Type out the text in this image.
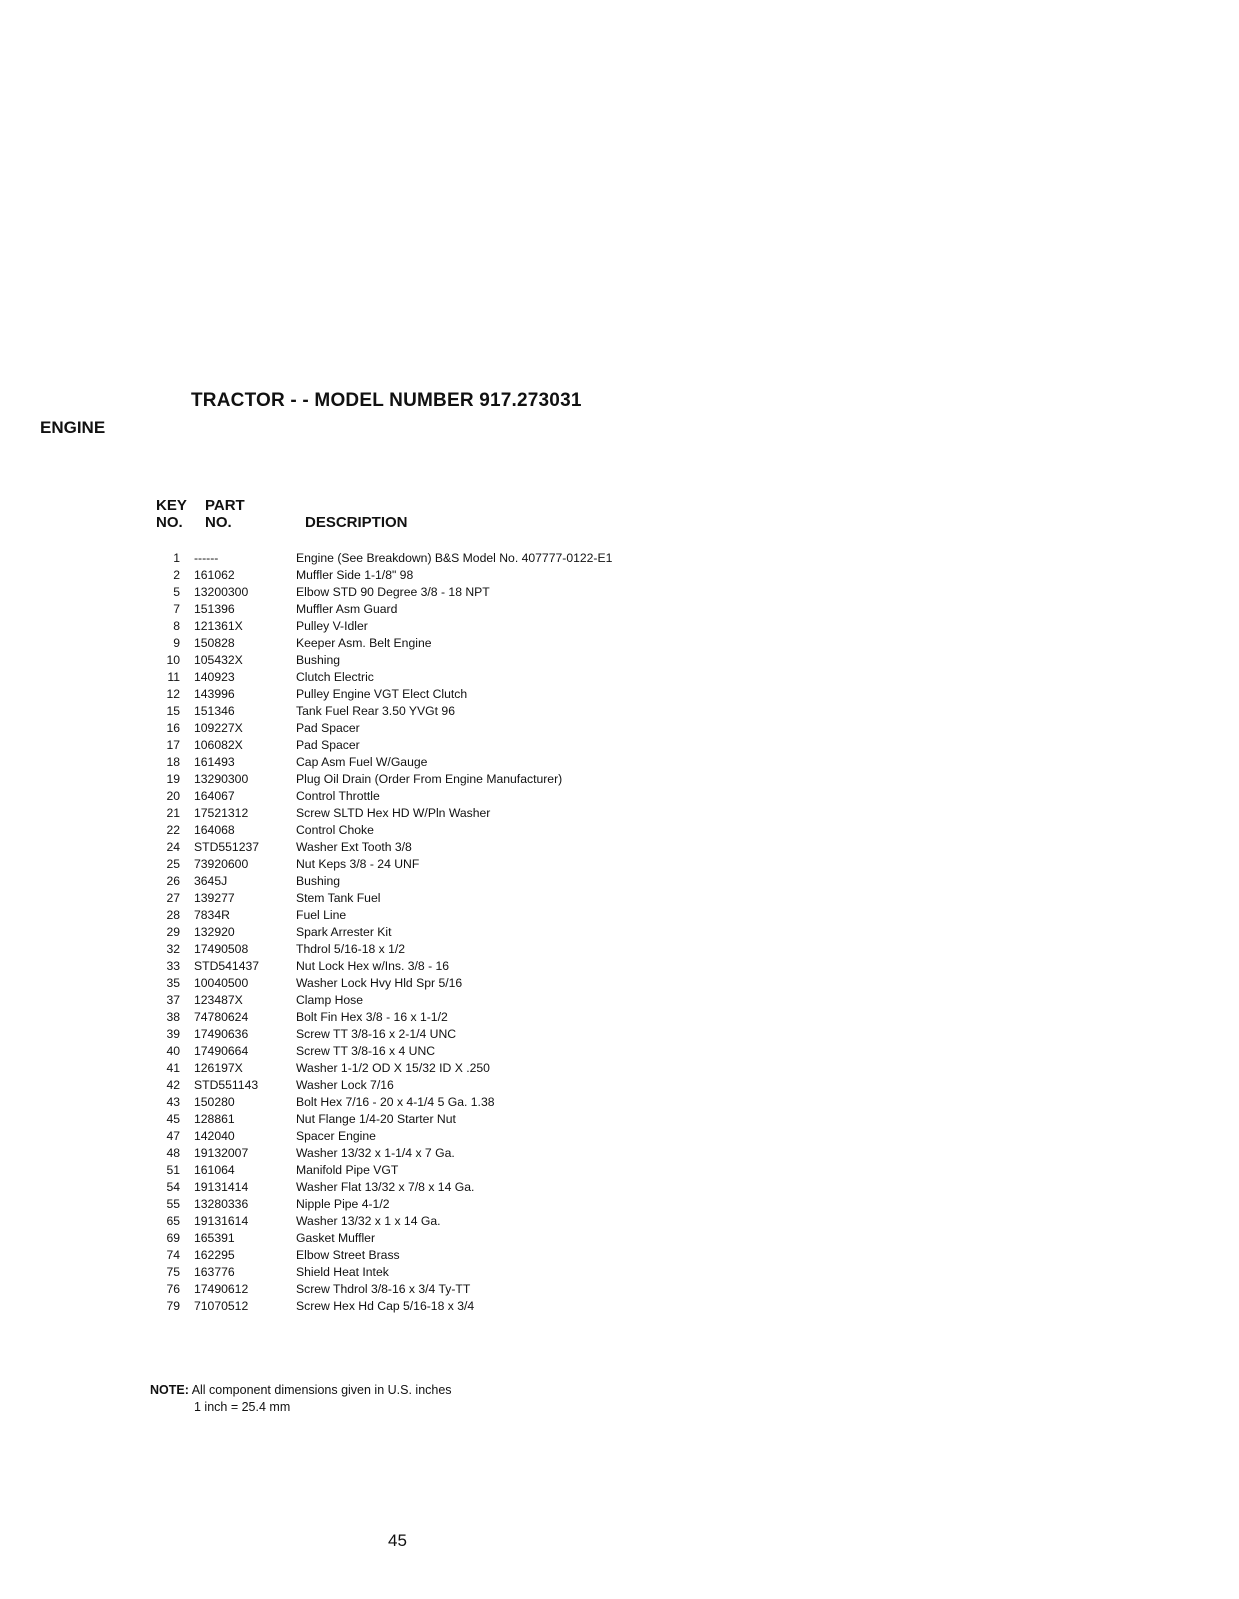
TRACTOR - - MODEL NUMBER 917.273031
ENGINE
KEY
NO.
PART
NO.	DESCRIPTION
1	------	Engine (See Breakdown) B&S Model No. 407777-0122-E1
2	161062	Muffler Side 1-1/8" 98
5	13200300	Elbow STD 90 Degree 3/8 - 18 NPT
7	151396	Muffler Asm Guard
8	121361X	Pulley V-Idler
9	150828	Keeper Asm. Belt Engine
10	105432X	Bushing
11	140923	Clutch Electric
12	143996	Pulley Engine VGT Elect Clutch
15	151346	Tank Fuel Rear 3.50 YVGt 96
16	109227X	Pad Spacer
17	106082X	Pad Spacer
18	161493	Cap Asm Fuel W/Gauge
19	13290300	Plug Oil Drain (Order From Engine Manufacturer)
20	164067	Control Throttle
21	17521312	Screw SLTD Hex HD W/Pln Washer
22	164068	Control Choke
24	STD551237	Washer Ext Tooth 3/8
25	73920600	Nut Keps 3/8 - 24 UNF
26	3645J	Bushing
27	139277	Stem Tank Fuel
28	7834R	Fuel Line
29	132920	Spark Arrester Kit
32	17490508	Thdrol 5/16-18 x 1/2
33	STD541437	Nut Lock Hex w/Ins. 3/8 - 16
35	10040500	Washer Lock Hvy Hld Spr 5/16
37	123487X	Clamp Hose
38	74780624	Bolt Fin Hex 3/8 - 16 x 1-1/2
39	17490636	Screw TT 3/8-16 x 2-1/4 UNC
40	17490664	Screw TT 3/8-16 x 4 UNC
41	126197X	Washer 1-1/2 OD X 15/32 ID X .250
42	STD551143	Washer Lock 7/16
43	150280	Bolt Hex 7/16 - 20 x 4-1/4 5 Ga. 1.38
45	128861	Nut Flange 1/4-20 Starter Nut
47	142040	Spacer Engine
48	19132007	Washer 13/32 x 1-1/4 x 7 Ga.
51	161064	Manifold Pipe VGT
54	19131414	Washer Flat 13/32 x 7/8 x 14 Ga.
55	13280336	Nipple Pipe 4-1/2
65	19131614	Washer 13/32 x 1 x 14 Ga.
69	165391	Gasket Muffler
74	162295	Elbow Street Brass
75	163776	Shield Heat Intek
76	17490612	Screw Thdrol 3/8-16 x 3/4 Ty-TT
79	71070512	Screw Hex Hd Cap 5/16-18 x 3/4
NOTE: All component dimensions given in U.S. inches
1 inch = 25.4 mm
45
